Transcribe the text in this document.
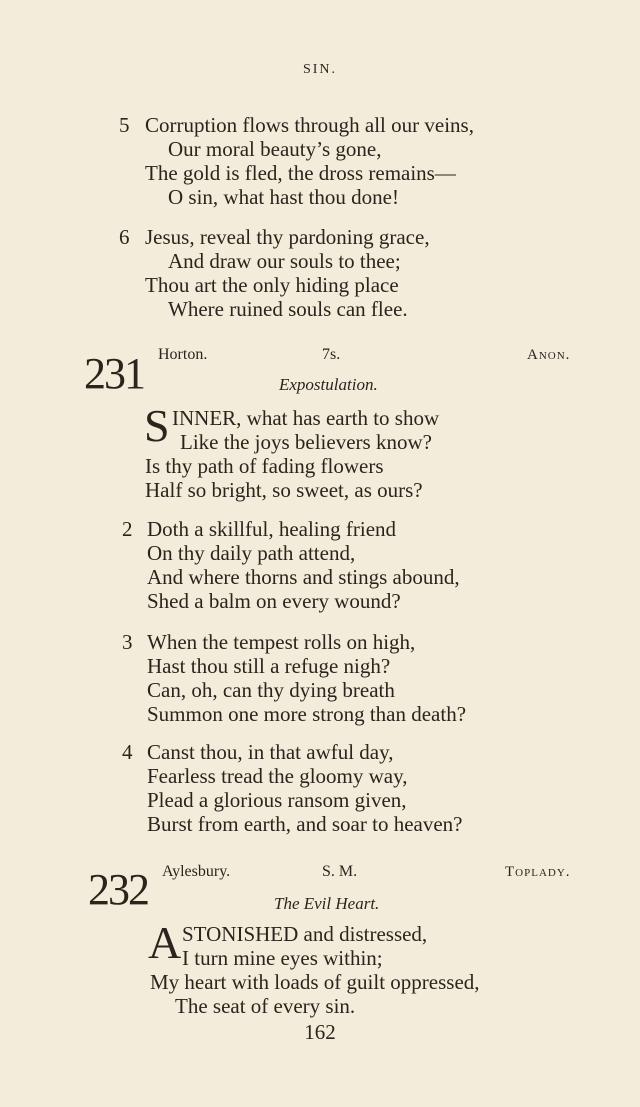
SIN.
5 Corruption flows through all our veins,
Our moral beauty’s gone,
The gold is fled, the dross remains—
O sin, what hast thou done!
6 Jesus, reveal thy pardoning grace,
And draw our souls to thee;
Thou art the only hiding place
Where ruined souls can flee.
231 Horton.	7s.	Anon.
Expostulation.
S INNER, what has earth to show
Like the joys believers know?
Is thy path of fading flowers
Half so bright, so sweet, as ours?
2 Doth a skillful, healing friend
On thy daily path attend,
And where thorns and stings abound,
Shed a balm on every wound?
3 When the tempest rolls on high,
Hast thou still a refuge nigh?
Can, oh, can thy dying breath
Summon one more strong than death?
4 Canst thou, in that awful day,
Fearless tread the gloomy way,
Plead a glorious ransom given,
Burst from earth, and soar to heaven?
232 Aylesbury.	S. M.	Toplady.
The Evil Heart.
A STONISHED and distressed,
I turn mine eyes within;
My heart with loads of guilt oppressed,
The seat of every sin.
162
